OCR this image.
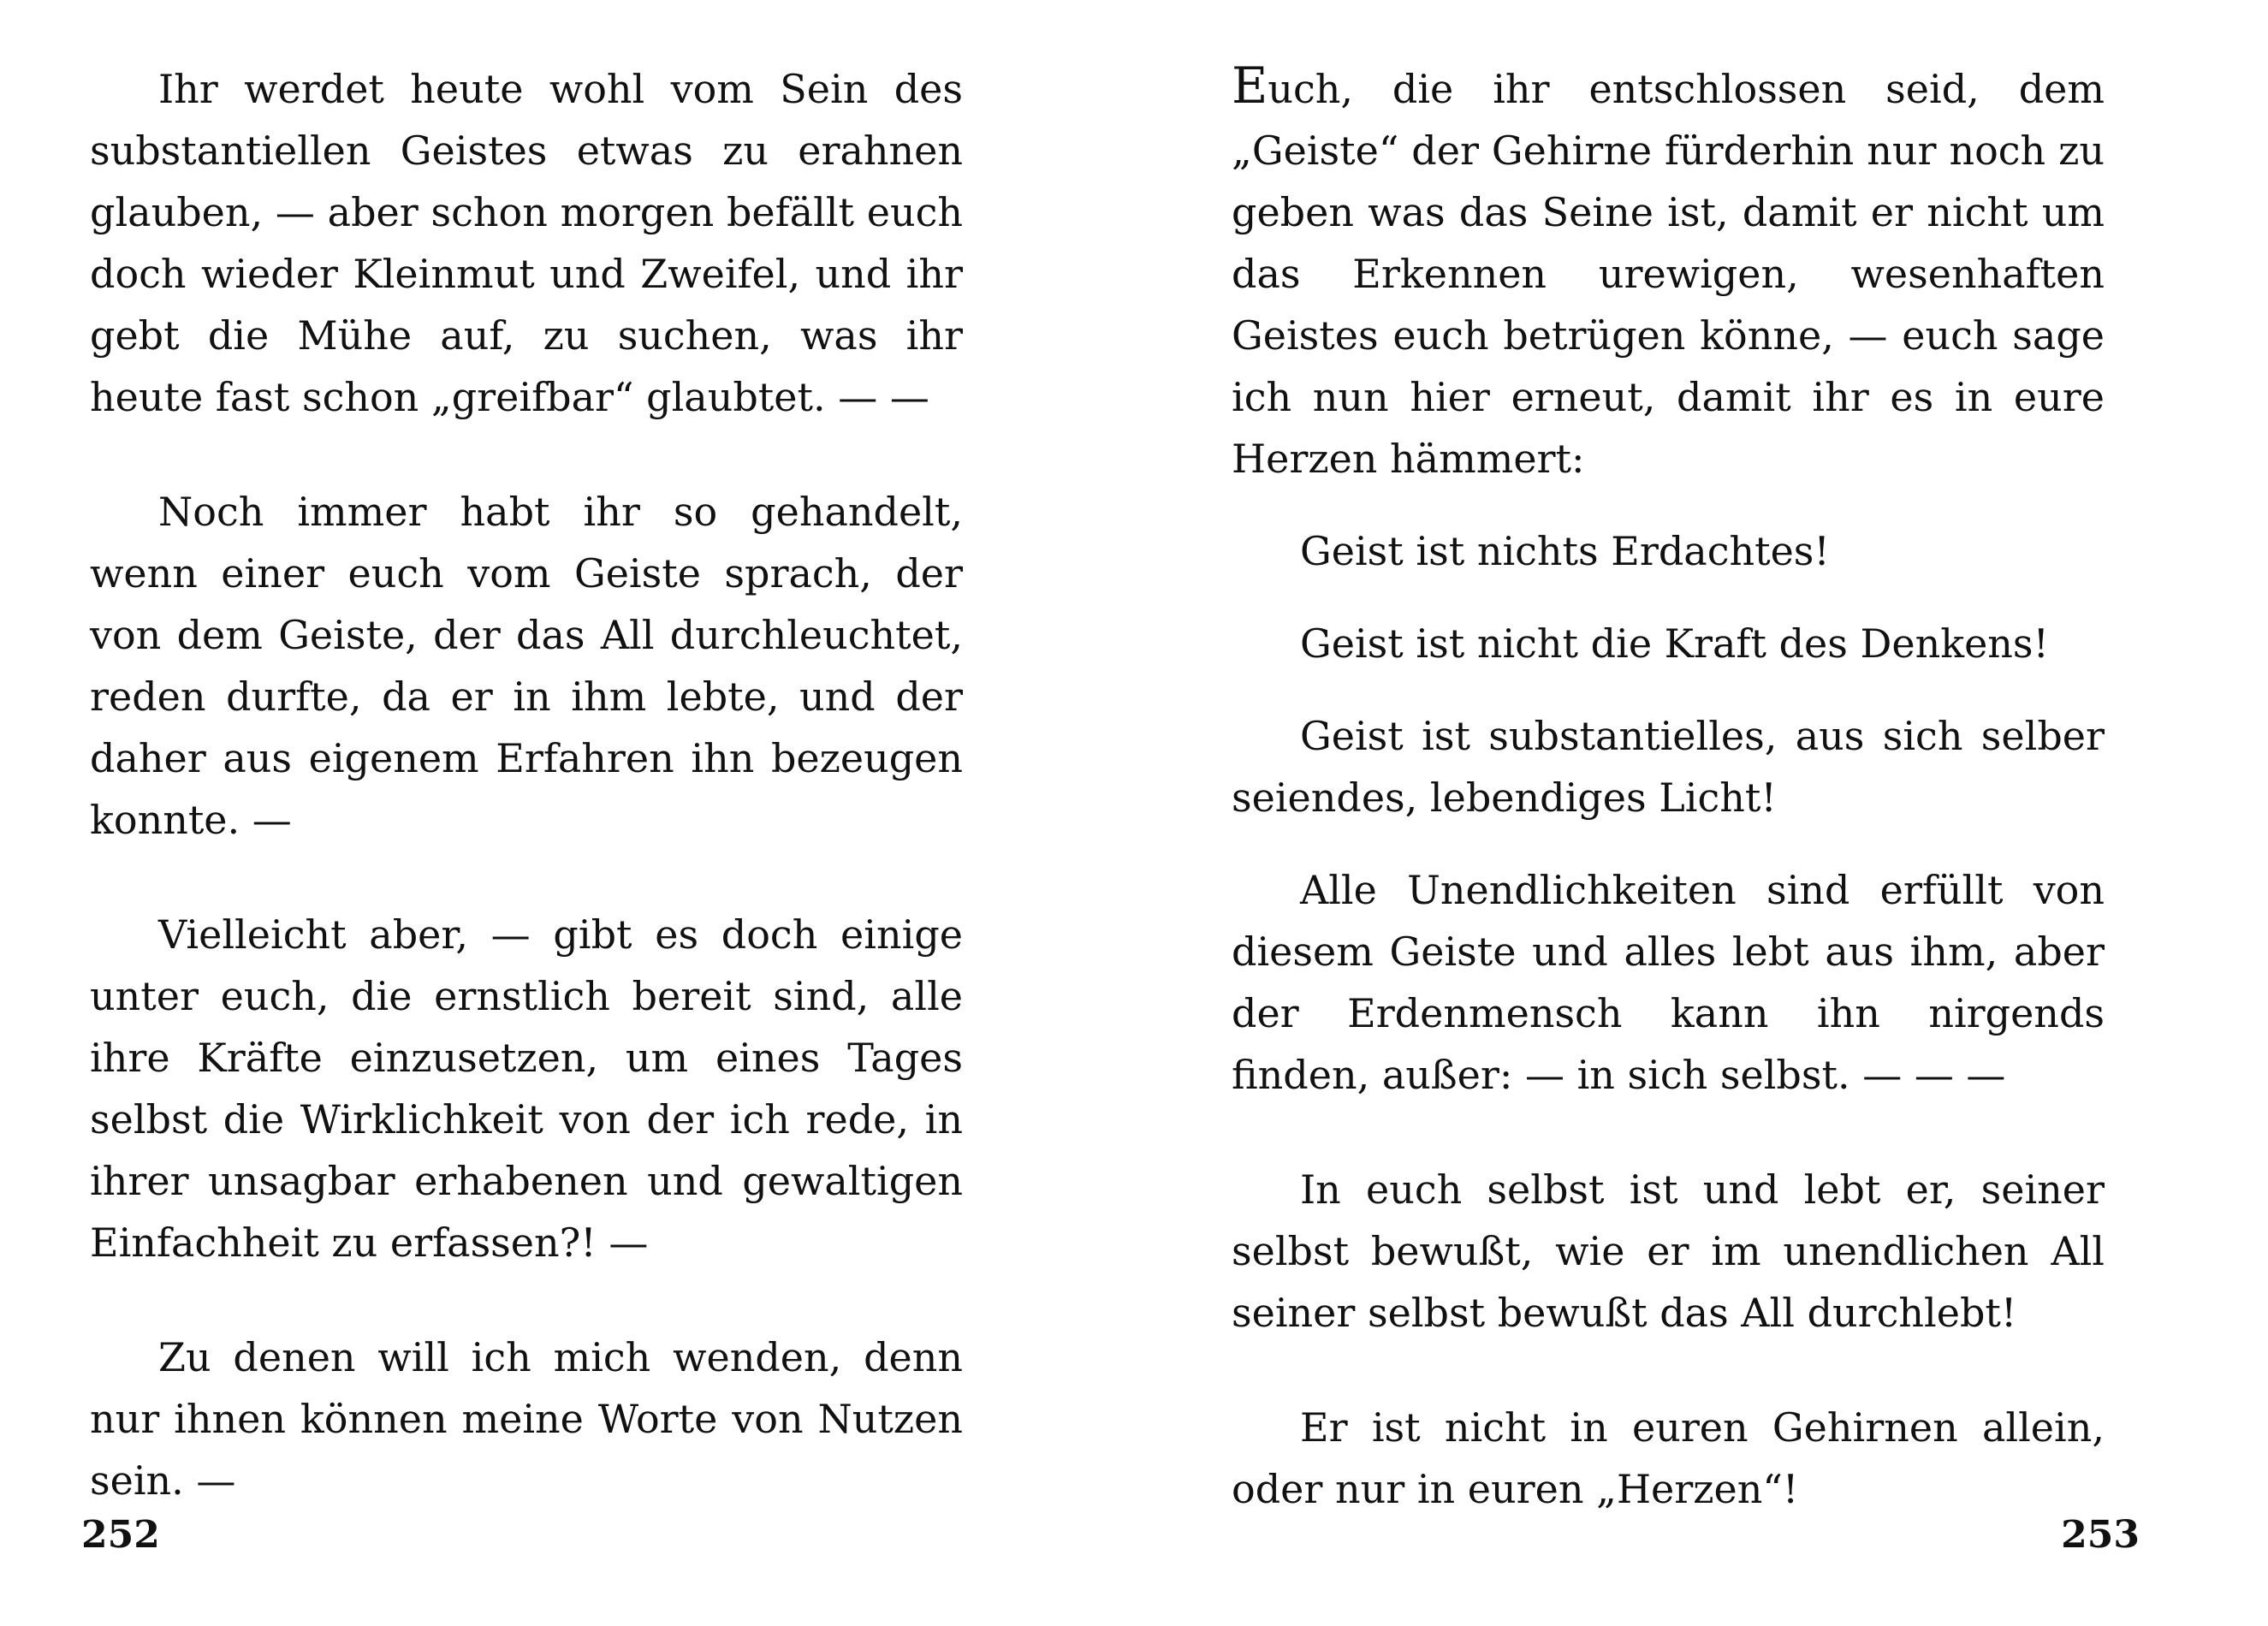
Ihr werdet heute wohl vom Sein des substantiellen Geistes etwas zu erahnen glauben, — aber schon morgen befällt euch doch wieder Kleinmut und Zweifel, und ihr gebt die Mühe auf, zu suchen, was ihr heute fast schon „greifbar“ glaubtet. — —

Noch immer habt ihr so gehandelt, wenn einer euch vom Geiste sprach, der von dem Geiste, der das All durchleuchtet, reden durfte, da er in ihm lebte, und der daher aus eigenem Erfahren ihn bezeugen konnte. —

Vielleicht aber, — gibt es doch einige unter euch, die ernstlich bereit sind, alle ihre Kräfte einzusetzen, um eines Tages selbst die Wirklichkeit von der ich rede, in ihrer unsagbar erhabenen und gewaltigen Einfachheit zu erfassen?! —

Zu denen will ich mich wenden, denn nur ihnen können meine Worte von Nutzen sein. —

252

Euch, die ihr entschlossen seid, dem „Geiste“ der Gehirne fürderhin nur noch zu geben was das Seine ist, damit er nicht um das Erkennen urewigen, wesenhaften Geistes euch betrügen könne, — euch sage ich nun hier erneut, damit ihr es in eure Herzen hämmert:

Geist ist nichts Erdachtes!

Geist ist nicht die Kraft des Denkens!

Geist ist substantielles, aus sich selber seiendes, lebendiges Licht!

Alle Unendlichkeiten sind erfüllt von diesem Geiste und alles lebt aus ihm, aber der Erdenmensch kann ihn nirgends finden, außer: — in sich selbst. — — —

In euch selbst ist und lebt er, seiner selbst bewußt, wie er im unendlichen All seiner selbst bewußt das All durchlebt!

Er ist nicht in euren Gehirnen allein, oder nur in euren „Herzen“!

253
